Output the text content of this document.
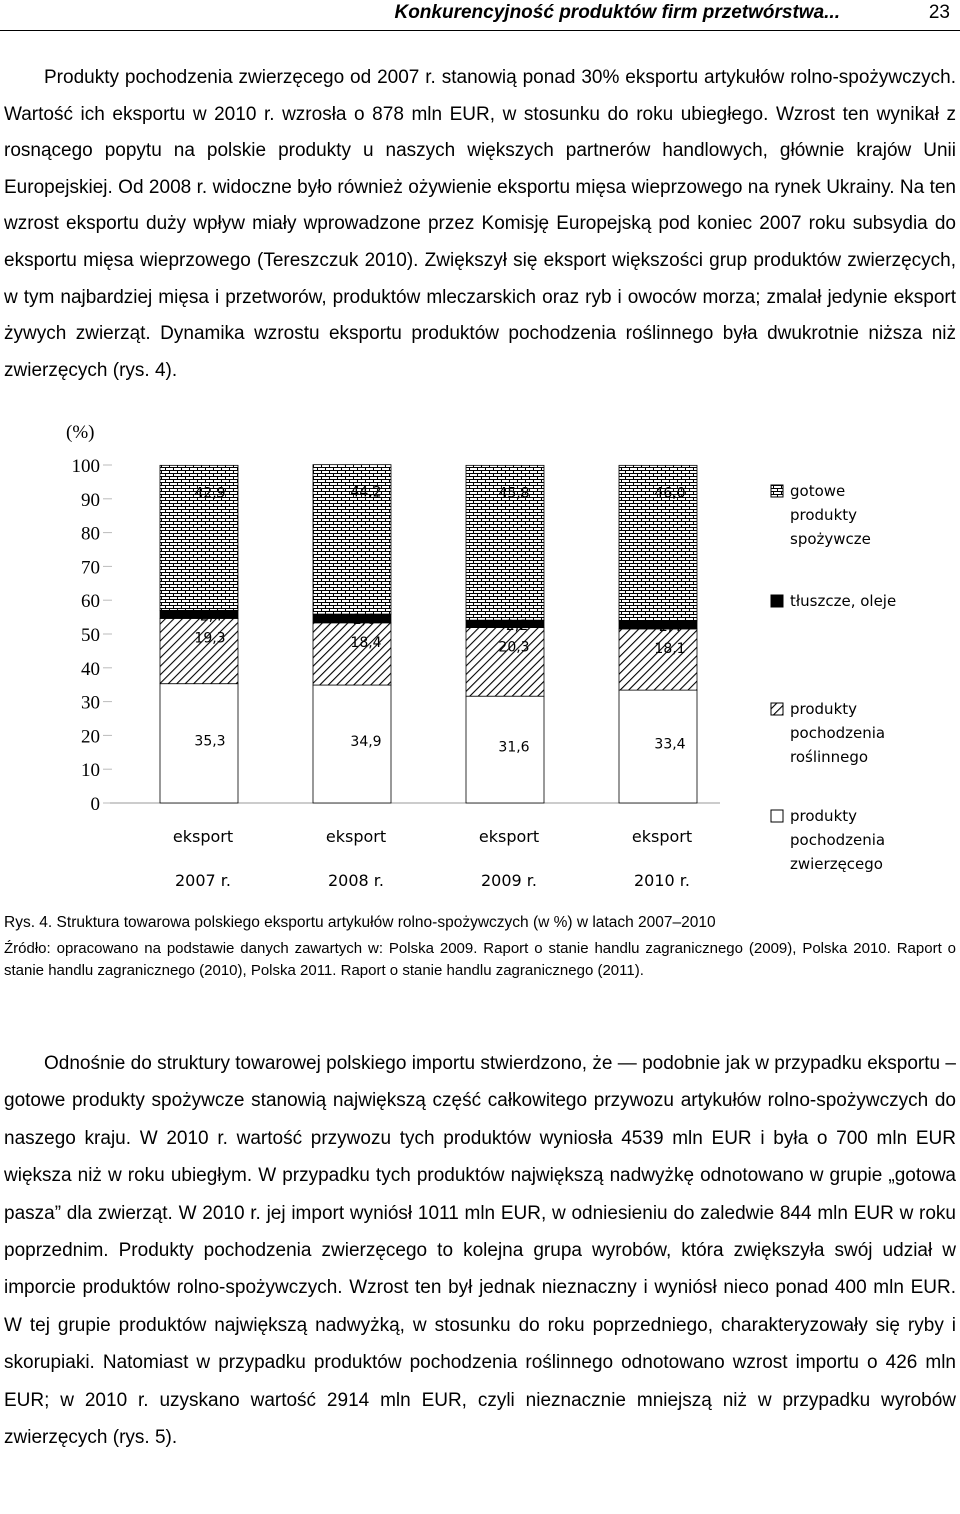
Konkurencyjność produktów firm przetwórstwa...	23

Produkty pochodzenia zwierzęcego od 2007 r. stanowią ponad 30% eksportu artykułów rolno-spożywczych. Wartość ich eksportu w 2010 r. wzrosła o 878 mln EUR, w stosunku do roku ubiegłego. Wzrost ten wynikał z rosnącego popytu na polskie produkty u naszych większych partnerów handlowych, głównie krajów Unii Europejskiej. Od 2008 r. widoczne było również ożywienie eksportu mięsa wieprzowego na rynek Ukrainy. Na ten wzrost eksportu duży wpływ miały wprowadzone przez Komisję Europejską pod koniec 2007 roku subsydia do eksportu mięsa wieprzowego (Tereszczuk 2010). Zwiększył się eksport większości grup produktów zwierzęcych, w tym najbardziej mięsa i przetworów, produktów mleczarskich oraz ryb i owoców morza; zmalał jedynie eksport żywych zwierząt. Dynamika wzrostu eksportu produktów pochodzenia roślinnego była dwukrotnie niższa niż zwierzęcych (rys. 4).

(%)
0
10
20
30
40
50
60
70
80
90
100
35,3
19,3
2,4
42,9
34,9
18,4
2,6
44,2
31,6
20,3
2,2
45,8
33,4
18,1
2,4
46,0
eksport
2007 r.
eksport
2008 r.
eksport
2009 r.
eksport
2010 r.
gotowe
produkty
spożywcze
tłuszcze, oleje
produkty
pochodzenia
roślinnego
produkty
pochodzenia
zwierzęcego

Rys. 4. Struktura towarowa polskiego eksportu artykułów rolno-spożywczych (w %) w latach 2007–2010

Źródło: opracowano na podstawie danych zawartych w: Polska 2009. Raport o stanie handlu zagranicznego (2009), Polska 2010. Raport o stanie handlu zagranicznego (2010), Polska 2011. Raport o stanie handlu zagranicznego (2011).

Odnośnie do struktury towarowej polskiego importu stwierdzono, że — podobnie jak w przypadku eksportu – gotowe produkty spożywcze stanowią największą część całkowitego przywozu artykułów rolno-spożywczych do naszego kraju. W 2010 r. wartość przywozu tych produktów wyniosła 4539 mln EUR i była o 700 mln EUR większa niż w roku ubiegłym. W przypadku tych produktów największą nadwyżkę odnotowano w grupie „gotowa pasza” dla zwierząt. W 2010 r. jej import wyniósł 1011 mln EUR, w odniesieniu do zaledwie 844 mln EUR w roku poprzednim. Produkty pochodzenia zwierzęcego to kolejna grupa wyrobów, która zwiększyła swój udział w imporcie produktów rolno-spożywczych. Wzrost ten był jednak nieznaczny i wyniósł nieco ponad 400 mln EUR. W tej grupie produktów największą nadwyżką, w stosunku do roku poprzedniego, charakteryzowały się ryby i skorupiaki. Natomiast w przypadku produktów pochodzenia roślinnego odnotowano wzrost importu o 426 mln EUR; w 2010 r. uzyskano wartość 2914 mln EUR, czyli nieznacznie mniejszą niż w przypadku wyrobów zwierzęcych (rys. 5).
